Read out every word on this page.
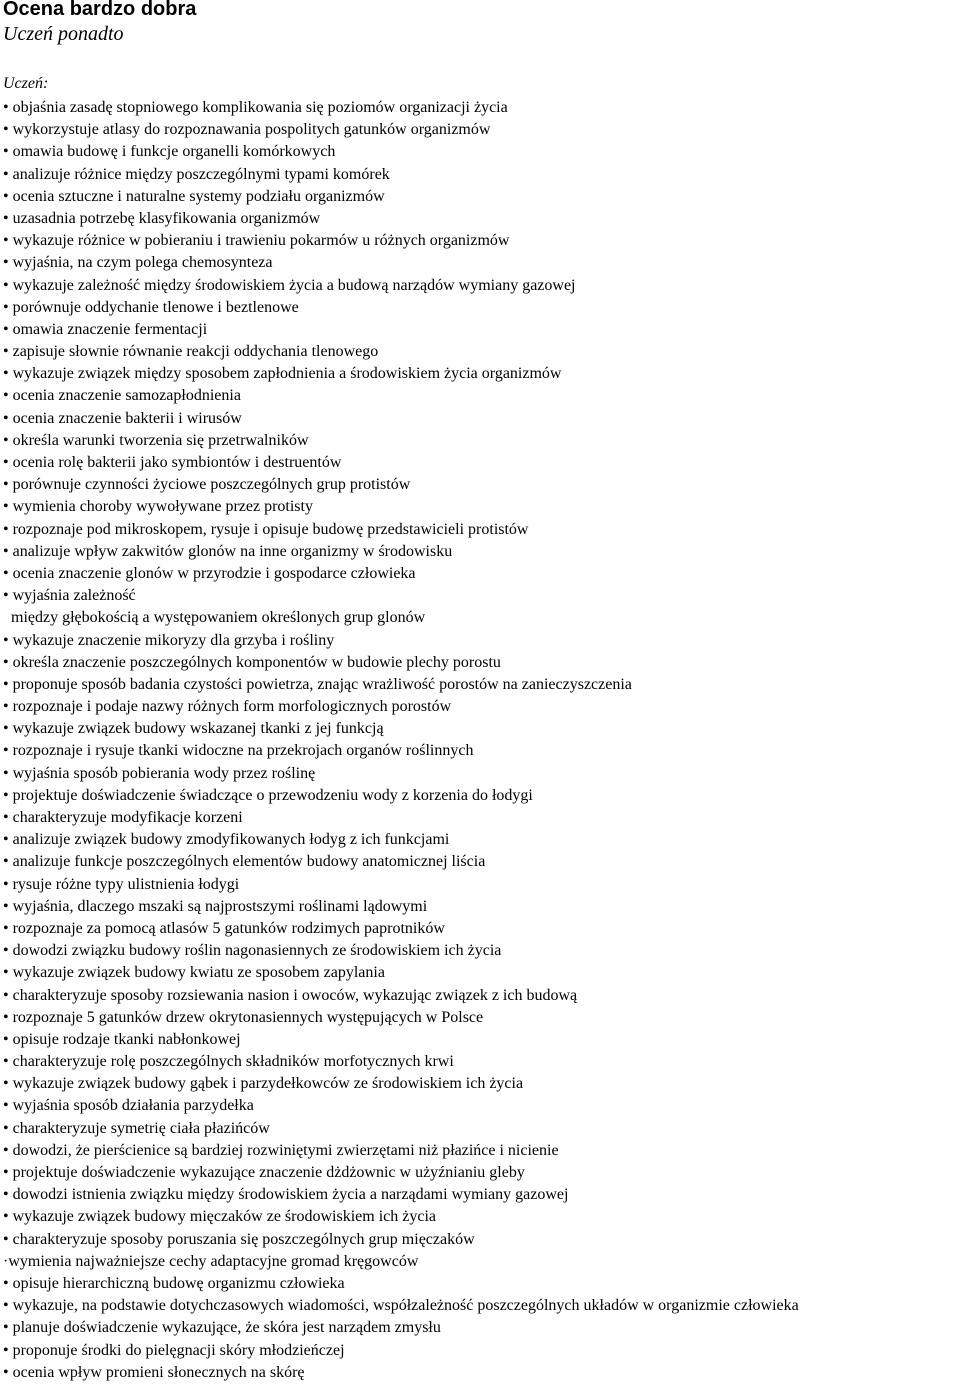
Ocena bardzo dobra
Uczeń ponadto
Uczeń:
• objaśnia zasadę stopniowego komplikowania się poziomów organizacji życia
• wykorzystuje atlasy do rozpoznawania pospolitych gatunków organizmów
• omawia budowę i funkcje organelli komórkowych
• analizuje różnice między poszczególnymi typami komórek
• ocenia sztuczne i naturalne systemy podziału organizmów
• uzasadnia potrzebę klasyfikowania organizmów
• wykazuje różnice w pobieraniu i trawieniu pokarmów u różnych organizmów
• wyjaśnia, na czym polega chemosynteza
• wykazuje zależność między środowiskiem życia a budową narządów wymiany gazowej
• porównuje oddychanie tlenowe i beztlenowe
• omawia znaczenie fermentacji
• zapisuje słownie równanie reakcji oddychania tlenowego
• wykazuje związek między sposobem zapłodnienia a środowiskiem życia organizmów
• ocenia znaczenie samozapłodnienia
• ocenia znaczenie bakterii i wirusów
• określa warunki tworzenia się przetrwalników
• ocenia rolę bakterii jako symbiontów i destruentów
• porównuje czynności życiowe poszczególnych grup protistów
• wymienia choroby wywoływane przez protisty
• rozpoznaje pod mikroskopem, rysuje i opisuje budowę przedstawicieli protistów
• analizuje wpływ zakwitów glonów na inne organizmy w środowisku
• ocenia znaczenie glonów w przyrodzie i gospodarce człowieka
• wyjaśnia zależność
między głębokością a występowaniem określonych grup glonów
• wykazuje znaczenie mikoryzy dla grzyba i rośliny
• określa znaczenie poszczególnych komponentów w budowie plechy porostu
• proponuje sposób badania czystości powietrza, znając wrażliwość porostów na zanieczyszczenia
• rozpoznaje i podaje nazwy różnych form morfologicznych porostów
• wykazuje związek budowy wskazanej tkanki z jej funkcją
• rozpoznaje i rysuje tkanki widoczne na przekrojach organów roślinnych
• wyjaśnia sposób pobierania wody przez roślinę
• projektuje doświadczenie świadczące o przewodzeniu wody z korzenia do łodygi
• charakteryzuje modyfikacje korzeni
• analizuje związek budowy zmodyfikowanych łodyg z ich funkcjami
• analizuje funkcje poszczególnych elementów budowy anatomicznej liścia
• rysuje różne typy ulistnienia łodygi
• wyjaśnia, dlaczego mszaki są najprostszymi roślinami lądowymi
• rozpoznaje za pomocą atlasów 5 gatunków rodzimych paprotników
• dowodzi związku budowy roślin nagonasiennych ze środowiskiem ich życia
• wykazuje związek budowy kwiatu ze sposobem zapylania
• charakteryzuje sposoby rozsiewania nasion i owoców, wykazując związek z ich budową
• rozpoznaje 5 gatunków drzew okrytonasiennych występujących w Polsce
• opisuje rodzaje tkanki nabłonkowej
• charakteryzuje rolę poszczególnych składników morfotycznych krwi
• wykazuje związek budowy gąbek i parzydełkowców ze środowiskiem ich życia
• wyjaśnia sposób działania parzydełka
• charakteryzuje symetrię ciała płazińców
• dowodzi, że pierścienice są bardziej rozwiniętymi zwierzętami niż płazińce i nicienie
• projektuje doświadczenie wykazujące znaczenie dżdżownic w użyźnianiu gleby
• dowodzi istnienia związku między środowiskiem życia a narządami wymiany gazowej
• wykazuje związek budowy mięczaków ze środowiskiem ich życia
• charakteryzuje sposoby poruszania się poszczególnych grup mięczaków
·wymienia najważniejsze cechy adaptacyjne gromad kręgowców
• opisuje hierarchiczną budowę organizmu człowieka
• wykazuje, na podstawie dotychczasowych wiadomości, współzależność poszczególnych układów w organizmie człowieka
• planuje doświadczenie wykazujące, że skóra jest narządem zmysłu
• proponuje środki do pielęgnacji skóry młodzieńczej
• ocenia wpływ promieni słonecznych na skórę
